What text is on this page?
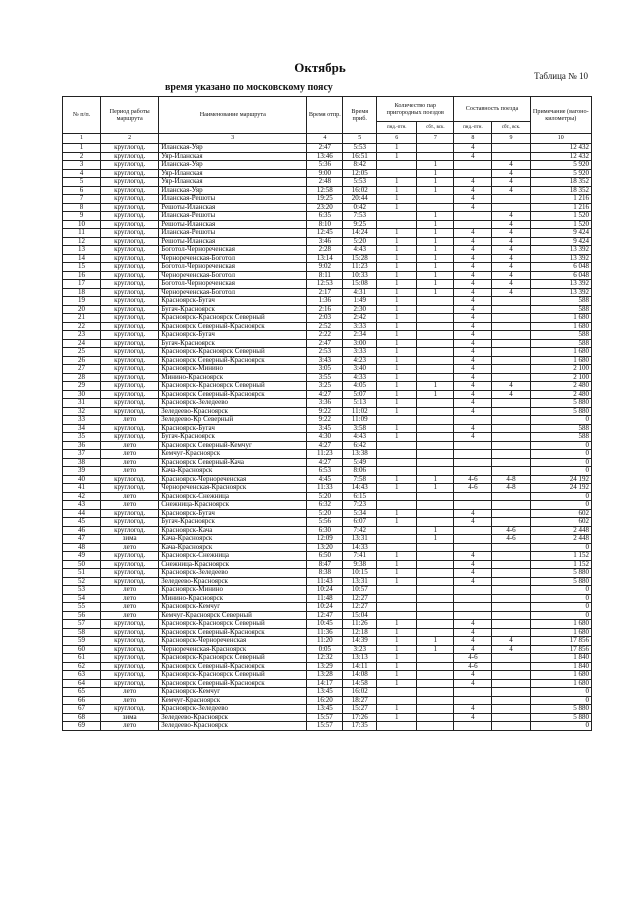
Октябрь
Таблица № 10
время указано по московскому поясу
№ п/п.	Период работы маршрута	Наименование маршрута	Время отпр.	Время приб.	Количество пар пригородных поездов		Составность поезда		Примечание (вагоно-километры)
					пнд.-птн.	сбт., вск.	пнд.-птн.	сбт., вск.	
1	2	3	4	5	6	7	8	9	10
1	круглогод.	Иланская-Уяр	2:47	5:53	1		4		12 432
2	круглогод.	Уяр-Иланская	13:46	16:51	1		4		12 432
3	круглогод.	Иланская-Уяр	5:36	8:42		1		4	5 920
4	круглогод.	Уяр-Иланская	9:00	12:05		1		4	5 920
5	круглогод.	Уяр-Иланская	2:48	5:53	1	1	4	4	18 352
6	круглогод.	Иланская-Уяр	12:58	16:02	1	1	4	4	18 352
7	круглогод.	Иланская-Решоты	19:25	20:44	1		4		1 216
8	круглогод.	Решоты-Иланская	23:20	0:42	1		4		1 216
9	круглогод.	Иланская-Решоты	6:35	7:53		1		4	1 520
10	круглогод.	Решоты-Иланская	8:10	9:25		1		4	1 520
11	круглогод.	Иланская-Решоты	12:45	14:24	1	1	4	4	9 424
12	круглогод.	Решоты-Иланская	3:46	5:20	1	1	4	4	9 424
13	круглогод.	Боготол-Чернореченская	2:28	4:43	1	1	4	4	13 392
14	круглогод.	Чернореченская-Боготол	13:14	15:28	1	1	4	4	13 392
15	круглогод.	Боготол-Чернореченская	9:02	11:23	1	1	4	4	6 048
16	круглогод.	Чернореченская-Боготол	8:11	10:33	1	1	4	4	6 048
17	круглогод.	Боготол-Чернореченская	12:53	15:08	1	1	4	4	13 392
18	круглогод.	Чернореченская-Боготол	2:17	4:31	1	1	4	4	13 392
19	круглогод.	Красноярск-Бугач	1:36	1:49	1		4		588
20	круглогод.	Бугач-Красноярск	2:16	2:30	1		4		588
21	круглогод.	Красноярск-Красноярск Северный	2:03	2:42	1		4		1 680
22	круглогод.	Красноярск Северный-Красноярск	2:52	3:33	1		4		1 680
23	круглогод.	Красноярск-Бугач	2:22	2:34	1		4		588
24	круглогод.	Бугач-Красноярск	2:47	3:00	1		4		588
25	круглогод.	Красноярск-Красноярск Северный	2:53	3:33	1		4		1 680
26	круглогод.	Красноярск Северный-Красноярск	3:43	4:23	1		4		1 680
27	круглогод.	Красноярск-Минино	3:05	3:40	1		4		2 100
28	круглогод.	Минино-Красноярск	3:55	4:33	1		4		2 100
29	круглогод.	Красноярск-Красноярск Северный	3:25	4:05	1	1	4	4	2 480
30	круглогод.	Красноярск Северный-Красноярск	4:27	5:07	1	1	4	4	2 480
31	круглогод.	Красноярск-Зеледеево	3:36	5:13	1		4		5 880
32	круглогод.	Зеледеево-Красноярск	9:22	11:02	1		4		5 880
33	лето	Зеледеево-Кр Северный	9:22	11:09					0
34	круглогод.	Красноярск-Бугач	3:45	3:58	1		4		588
35	круглогод.	Бугач-Красноярск	4:30	4:43	1		4		588
36	лето	Красноярск Северный-Кемчуг	4:27	6:42					0
37	лето	Кемчуг-Красноярск	11:23	13:38					0
38	лето	Красноярск Северный-Кача	4:27	5:49					0
39	лето	Кача-Красноярск	6:53	8:06					0
40	круглогод.	Красноярск-Чернореченская	4:45	7:58	1	1	4-6	4-8	24 192
41	круглогод.	Чернореченская-Красноярск	11:33	14:43	1	1	4-6	4-8	24 192
42	лето	Красноярск-Снежница	5:20	6:15					0
43	лето	Снежница-Красноярск	6:32	7:23					0
44	круглогод.	Красноярск-Бугач	5:20	5:34	1		4		602
45	круглогод.	Бугач-Красноярск	5:56	6:07	1		4		602
46	круглогод.	Красноярск-Кача	6:30	7:42		1		4-6	2 448
47	зима	Кача-Красноярск	12:09	13:31		1		4-6	2 448
48	лето	Кача-Красноярск	13:20	14:33					0
49	круглогод.	Красноярск-Снежница	6:50	7:41	1		4		1 152
50	круглогод.	Снежница-Красноярск	8:47	9:38	1		4		1 152
51	круглогод.	Красноярск-Зеледеево	8:38	10:15	1		4		5 880
52	круглогод.	Зеледеево-Красноярск	11:43	13:31	1		4		5 880
53	лето	Красноярск-Минино	10:24	10:57					0
54	лето	Минино-Красноярск	11:48	12:27					0
55	лето	Красноярск-Кемчуг	10:24	12:27					0
56	лето	Кемчуг-Красноярск Северный	12:47	15:04					0
57	круглогод.	Красноярск-Красноярск Северный	10:45	11:26	1		4		1 680
58	круглогод.	Красноярск Северный-Красноярск	11:36	12:18	1		4		1 680
59	круглогод.	Красноярск-Чернореченская	11:20	14:39	1	1	4	4	17 856
60	круглогод.	Чернореченская-Красноярск	0:05	3:23	1	1	4	4	17 856
61	круглогод.	Красноярск-Красноярск Северный	12:32	13:13	1		4-6		1 840
62	круглогод.	Красноярск Северный-Красноярск	13:29	14:11	1		4-6		1 840
63	круглогод.	Красноярск-Красноярск Северный	13:28	14:08	1		4		1 680
64	круглогод.	Красноярск Северный-Красноярск	14:17	14:58	1		4		1 680
65	лето	Красноярск-Кемчуг	13:45	16:02					0
66	лето	Кемчуг-Красноярск	16:20	18:27					0
67	круглогод.	Красноярск-Зеледеево	13:45	15:27	1		4		5 880
68	зима	Зеледеево-Красноярск	15:57	17:26	1		4		5 880
69	лето	Зеледеево-Красноярск	15:57	17:35					0
